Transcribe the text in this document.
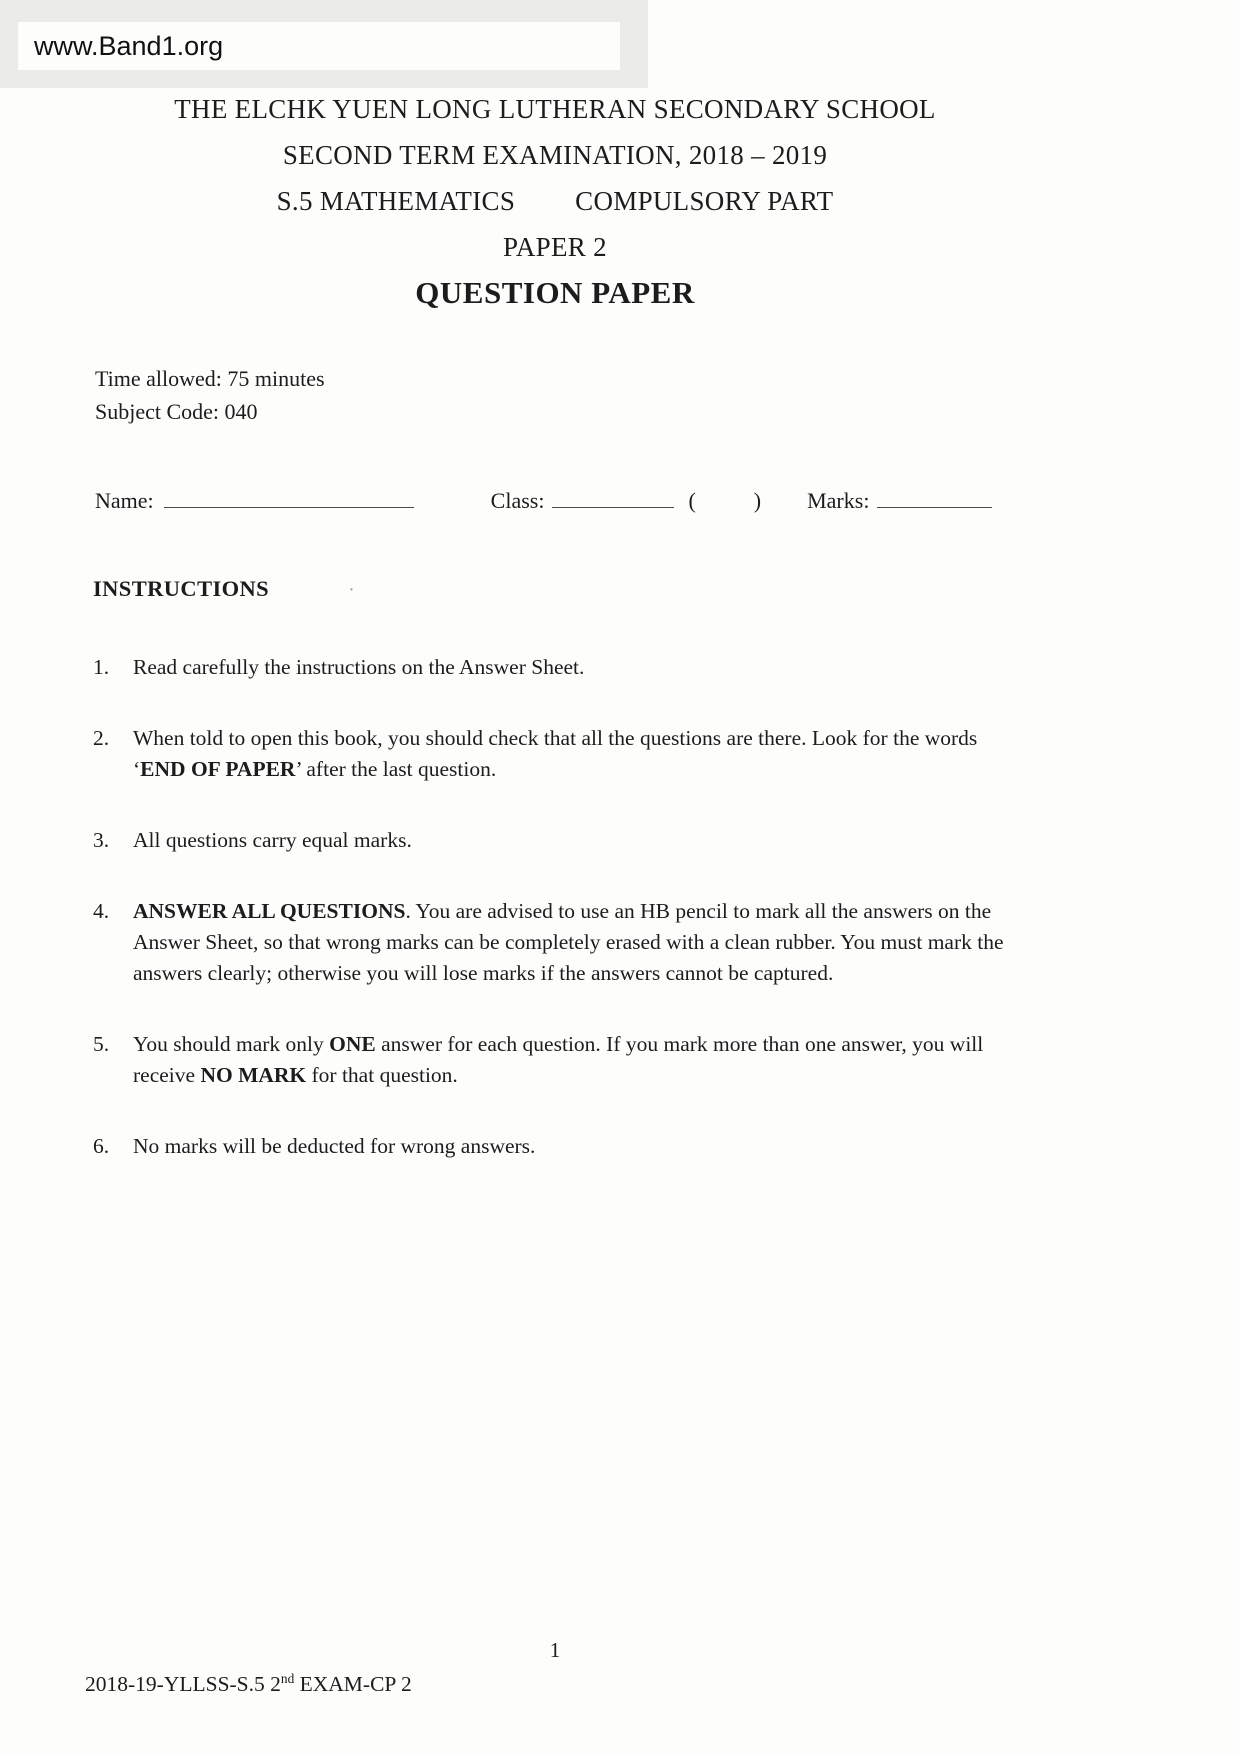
www.Band1.org
THE ELCHK YUEN LONG LUTHERAN SECONDARY SCHOOL
SECOND TERM EXAMINATION, 2018 – 2019
S.5 MATHEMATICS COMPULSORY PART
PAPER 2
QUESTION PAPER
Time allowed: 75 minutes
Subject Code: 040
Name:	Class:	(	) Marks:
INSTRUCTIONS	·
1.	Read carefully the instructions on the Answer Sheet.
2.	When told to open this book, you should check that all the questions are there. Look for the words ‘END OF PAPER’ after the last question.
3.	All questions carry equal marks.
4.	ANSWER ALL QUESTIONS. You are advised to use an HB pencil to mark all the answers on the Answer Sheet, so that wrong marks can be completely erased with a clean rubber. You must mark the answers clearly; otherwise you will lose marks if the answers cannot be captured.
5.	You should mark only ONE answer for each question. If you mark more than one answer, you will receive NO MARK for that question.
6.	No marks will be deducted for wrong answers.
1
2018-19-YLLSS-S.5 2nd EXAM-CP 2
